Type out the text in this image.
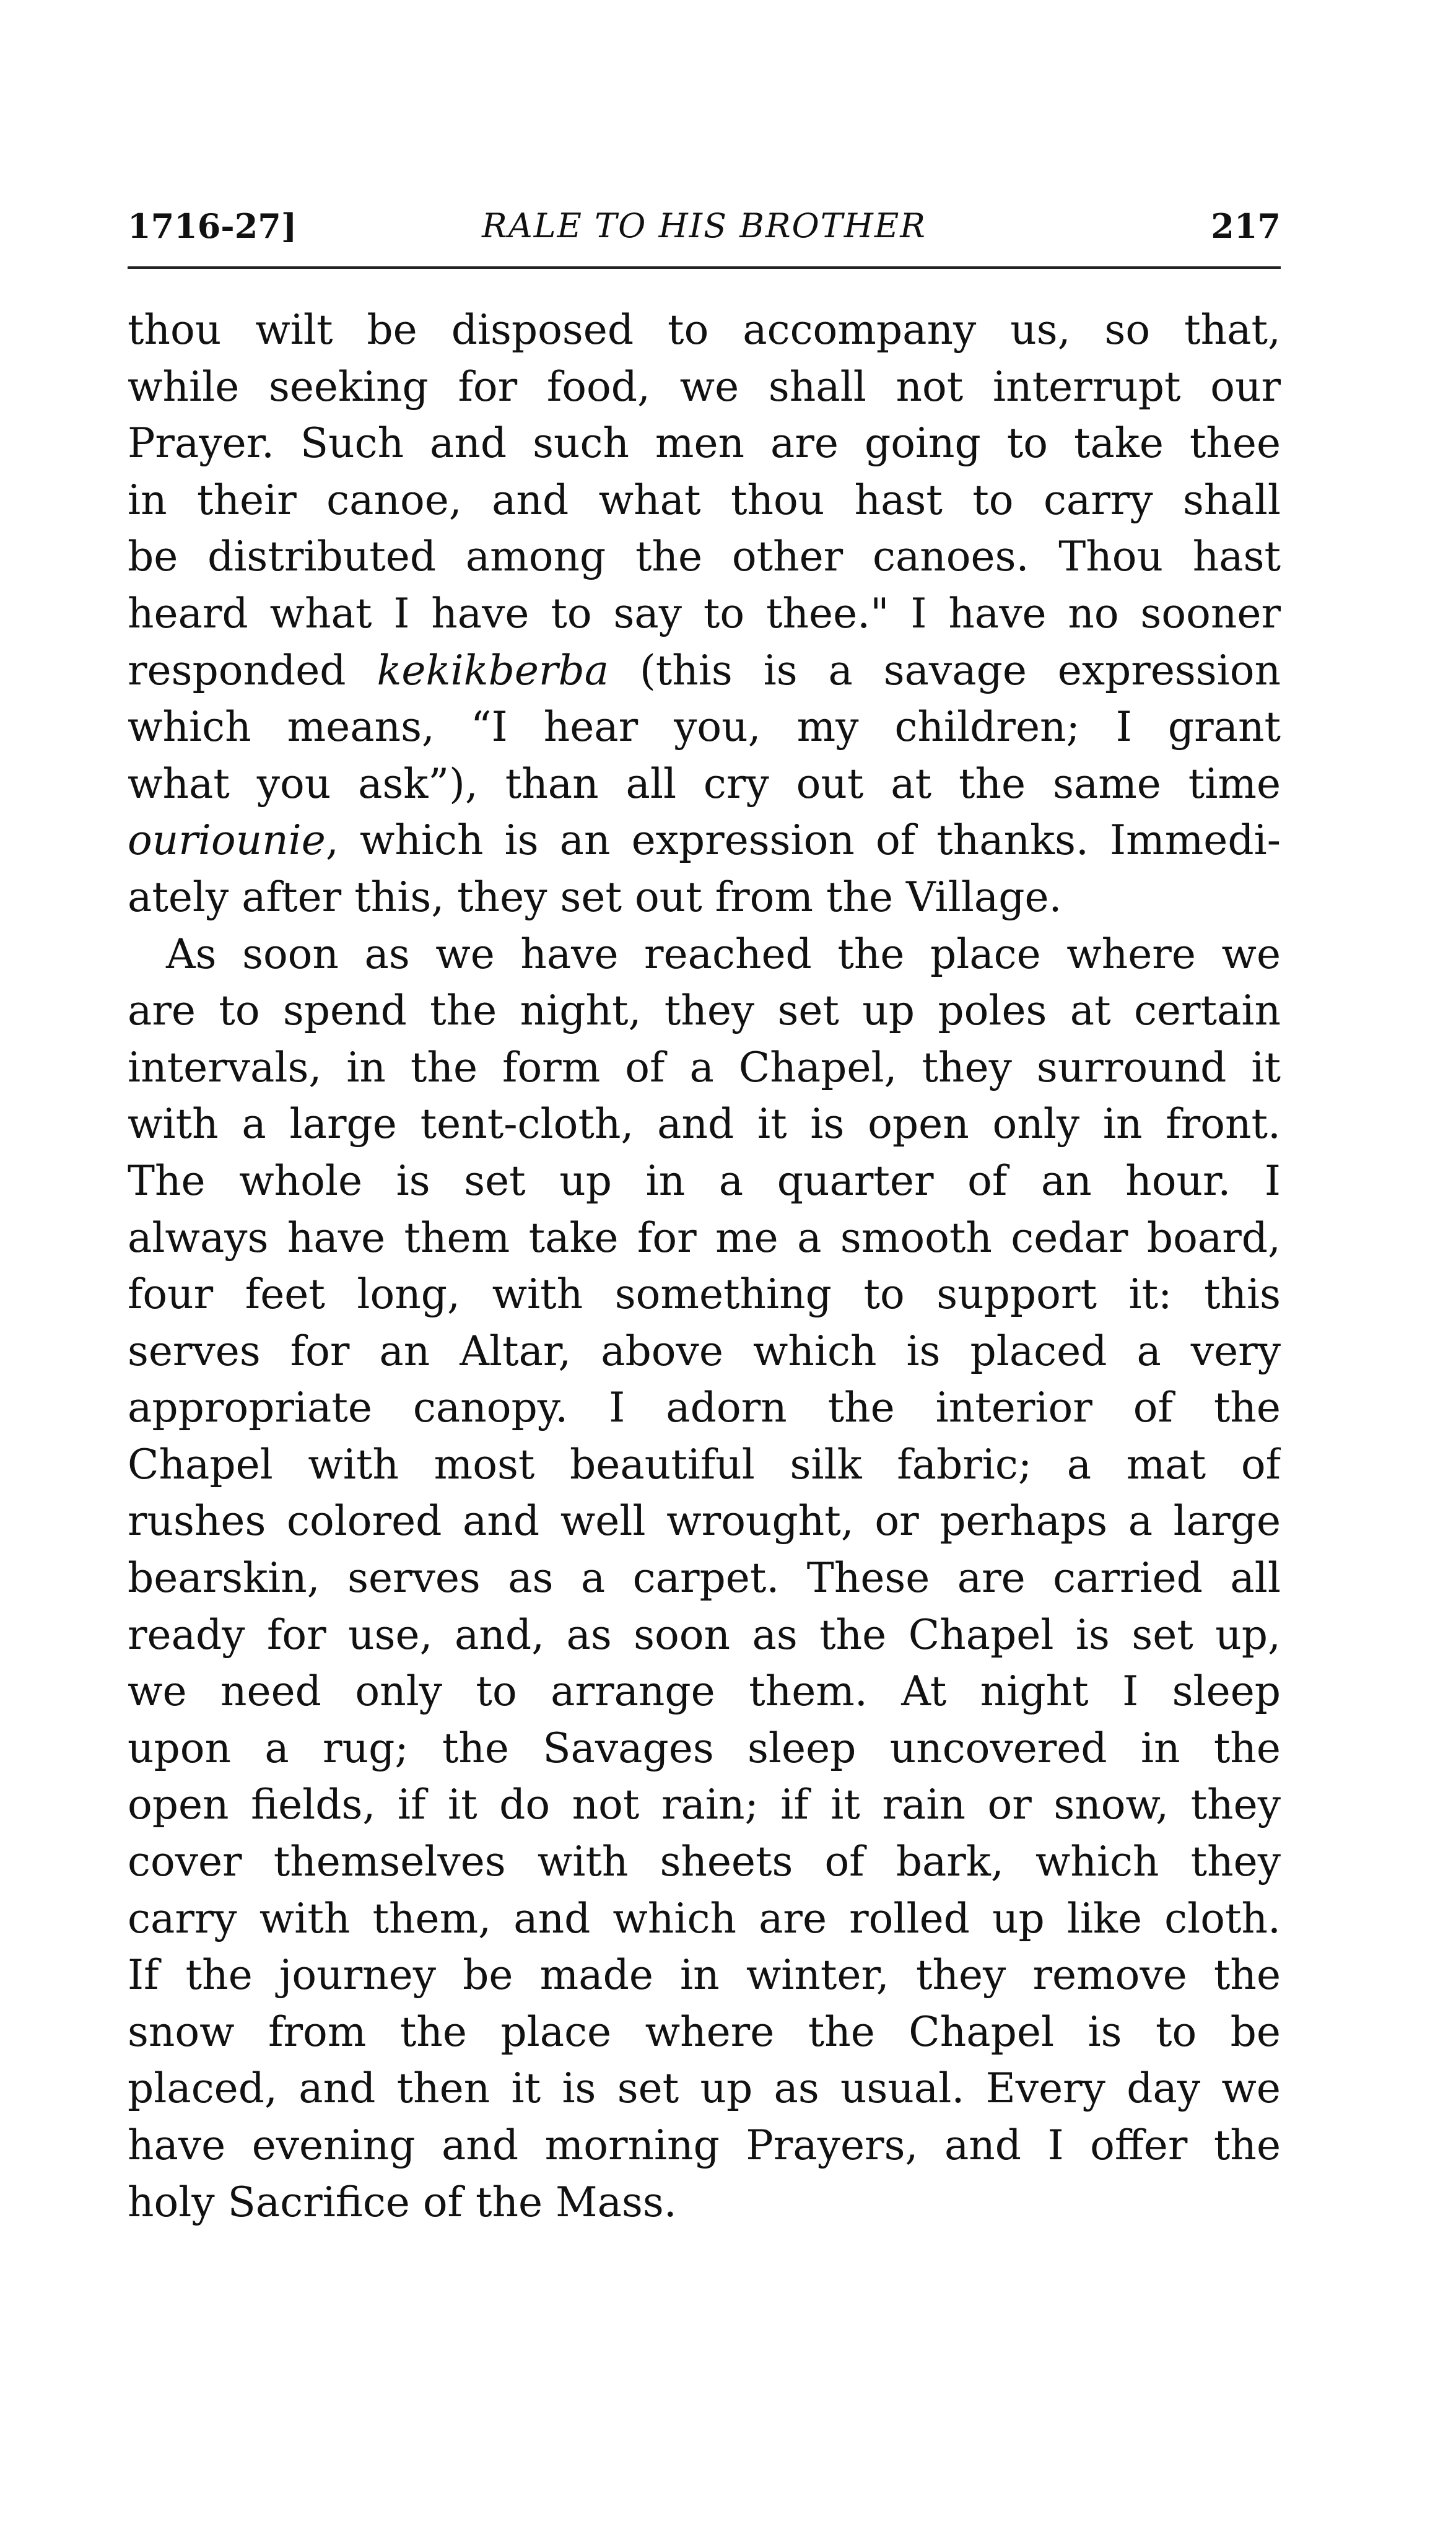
1716-27]	RALE TO HIS BROTHER	217
thou wilt be disposed to accompany us, so that,
while seeking for food, we shall not interrupt our
Prayer. Such and such men are going to take thee
in their canoe, and what thou hast to carry shall
be distributed among the other canoes. Thou hast
heard what I have to say to thee." I have no sooner
responded kekikberba (this is a savage expression
which means, “I hear you, my children; I grant
what you ask”), than all cry out at the same time
ouriounie, which is an expression of thanks. Immedi-
ately after this, they set out from the Village.
As soon as we have reached the place where we
are to spend the night, they set up poles at certain
intervals, in the form of a Chapel, they surround it
with a large tent-cloth, and it is open only in front.
The whole is set up in a quarter of an hour. I
always have them take for me a smooth cedar board,
four feet long, with something to support it: this
serves for an Altar, above which is placed a very
appropriate canopy. I adorn the interior of the
Chapel with most beautiful silk fabric; a mat of
rushes colored and well wrought, or perhaps a large
bearskin, serves as a carpet. These are carried all
ready for use, and, as soon as the Chapel is set up,
we need only to arrange them. At night I sleep
upon a rug; the Savages sleep uncovered in the
open fields, if it do not rain; if it rain or snow, they
cover themselves with sheets of bark, which they
carry with them, and which are rolled up like cloth.
If the journey be made in winter, they remove the
snow from the place where the Chapel is to be
placed, and then it is set up as usual. Every day we
have evening and morning Prayers, and I offer the
holy Sacrifice of the Mass.
